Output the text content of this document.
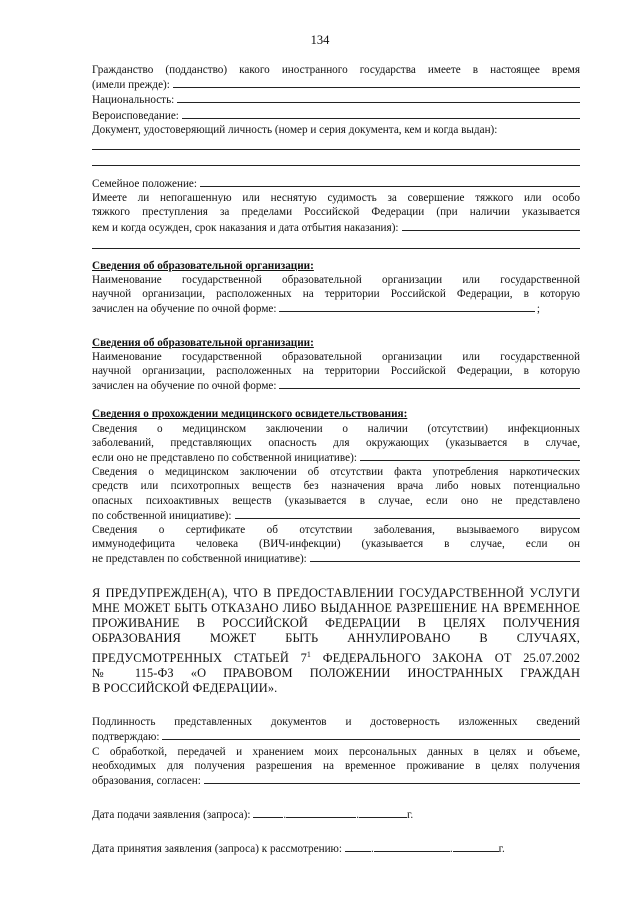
134
Гражданство (подданство) какого иностранного государства имеете в настоящее время
(имели прежде):
Национальность:
Вероисповедание:
Документ, удостоверяющий личность (номер и серия документа, кем и когда выдан):
Семейное положение:
Имеете ли непогашенную или неснятую судимость за совершение тяжкого или особо
тяжкого преступления за пределами Российской Федерации (при наличии указывается
кем и когда осужден, срок наказания и дата отбытия наказания):
Сведения об образовательной организации:
Наименование государственной образовательной организации или государственной
научной организации, расположенных на территории Российской Федерации, в которую
зачислен на обучение по очной форме:	;
Сведения об образовательной организации:
Наименование государственной образовательной организации или государственной
научной организации, расположенных на территории Российской Федерации, в которую
зачислен на обучение по очной форме:
Сведения о прохождении медицинского освидетельствования:
Сведения о медицинском заключении о наличии (отсутствии) инфекционных
заболеваний, представляющих опасность для окружающих (указывается в случае,
если оно не представлено по собственной инициативе):
Сведения о медицинском заключении об отсутствии факта употребления наркотических
средств или психотропных веществ без назначения врача либо новых потенциально
опасных психоактивных веществ (указывается в случае, если оно не представлено
по собственной инициативе):
Сведения о сертификате об отсутствии заболевания, вызываемого вирусом
иммунодефицита человека (ВИЧ-инфекции) (указывается в случае, если он
не представлен по собственной инициативе):
Я ПРЕДУПРЕЖДЕН(А), ЧТО В ПРЕДОСТАВЛЕНИИ ГОСУДАРСТВЕННОЙ УСЛУГИ
МНЕ МОЖЕТ БЫТЬ ОТКАЗАНО ЛИБО ВЫДАННОЕ РАЗРЕШЕНИЕ НА ВРЕМЕННОЕ
ПРОЖИВАНИЕ В РОССИЙСКОЙ ФЕДЕРАЦИИ В ЦЕЛЯХ ПОЛУЧЕНИЯ
ОБРАЗОВАНИЯ МОЖЕТ БЫТЬ АННУЛИРОВАНО В СЛУЧАЯХ,
ПРЕДУСМОТРЕННЫХ СТАТЬЕЙ $7^1$ ФЕДЕРАЛЬНОГО ЗАКОНА ОТ 25.07.2002
№ 115-ФЗ «О ПРАВОВОМ ПОЛОЖЕНИИ ИНОСТРАННЫХ ГРАЖДАН
В РОССИЙСКОЙ ФЕДЕРАЦИИ».
Подлинность представленных документов и достоверность изложенных сведений
подтверждаю:
С обработкой, передачей и хранением моих персональных данных в целях и объеме,
необходимых для получения разрешения на временное проживание в целях получения
образования, согласен:
Дата подачи заявления (запроса):	.	.	г.
Дата принятия заявления (запроса) к рассмотрению:	.	.	г.
